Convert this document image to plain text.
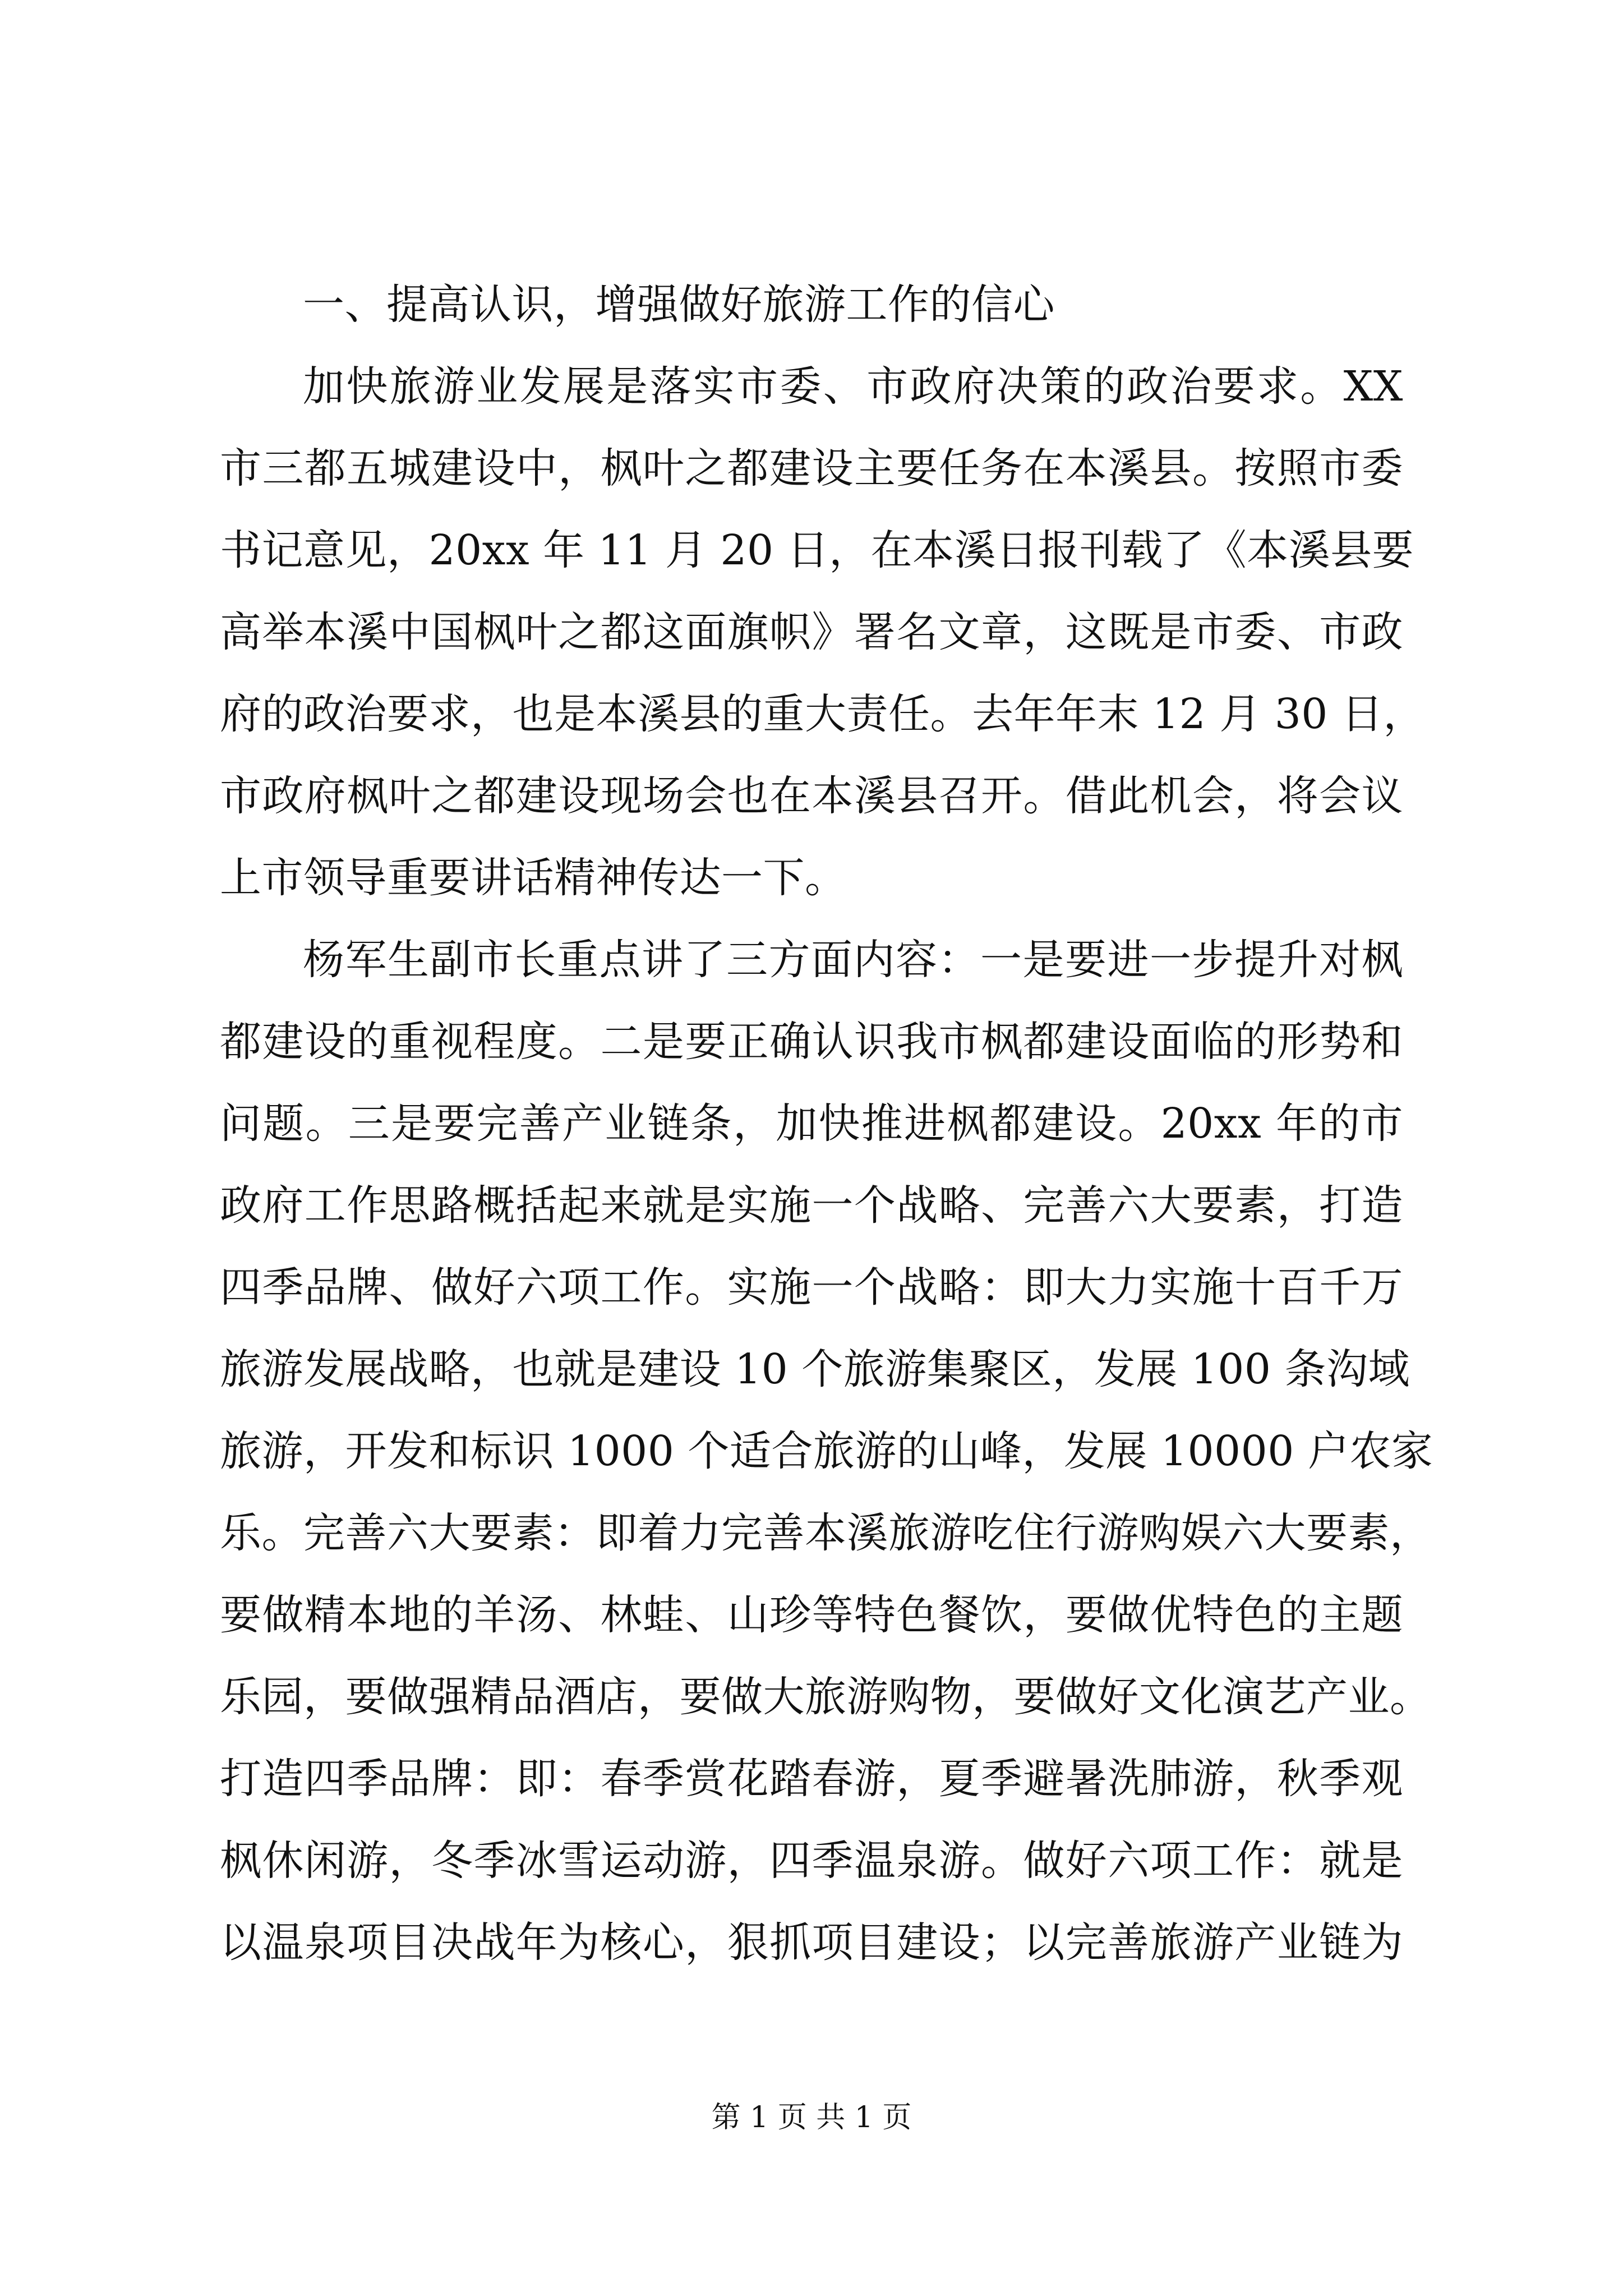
一、提高认识，增强做好旅游工作的信心
加快旅游业发展是落实市委、市政府决策的政治要求。XX
市三都五城建设中，枫叶之都建设主要任务在本溪县。按照市委
书记意见，20xx 年 11 月 20 日，在本溪日报刊载了《本溪县要
高举本溪中国枫叶之都这面旗帜》署名文章，这既是市委、市政
府的政治要求，也是本溪县的重大责任。去年年末 12 月 30 日，
市政府枫叶之都建设现场会也在本溪县召开。借此机会，将会议
上市领导重要讲话精神传达一下。
杨军生副市长重点讲了三方面内容：一是要进一步提升对枫
都建设的重视程度。二是要正确认识我市枫都建设面临的形势和
问题。三是要完善产业链条，加快推进枫都建设。20xx 年的市
政府工作思路概括起来就是实施一个战略、完善六大要素，打造
四季品牌、做好六项工作。实施一个战略：即大力实施十百千万
旅游发展战略，也就是建设 10 个旅游集聚区，发展 100 条沟域
旅游，开发和标识 1000 个适合旅游的山峰，发展 10000 户农家
乐。完善六大要素：即着力完善本溪旅游吃住行游购娱六大要素，
要做精本地的羊汤、林蛙、山珍等特色餐饮，要做优特色的主题
乐园，要做强精品酒店，要做大旅游购物，要做好文化演艺产业。
打造四季品牌：即：春季赏花踏春游，夏季避暑洗肺游，秋季观
枫休闲游，冬季冰雪运动游，四季温泉游。做好六项工作：就是
以温泉项目决战年为核心，狠抓项目建设；以完善旅游产业链为
第 1 页 共 1 页
